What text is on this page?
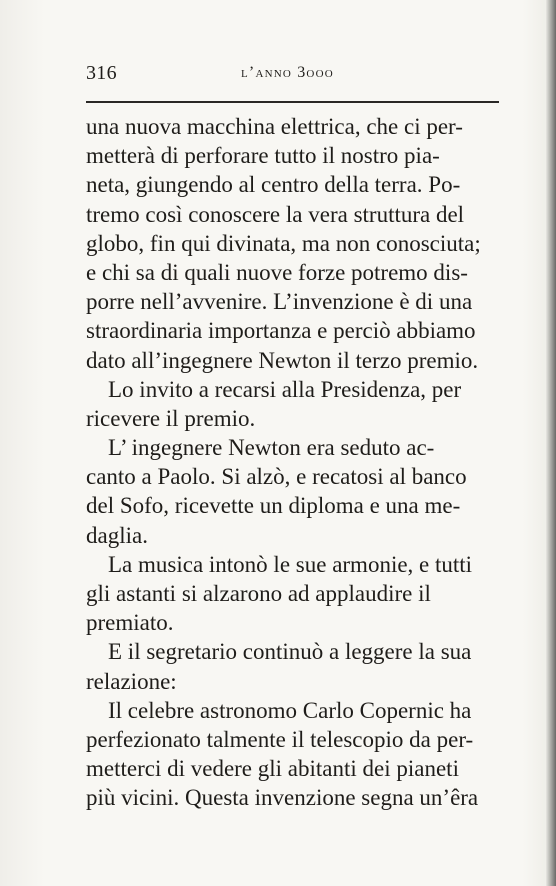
316	l’anno 3ooo
una nuova macchina elettrica, che ci per-
metterà di perforare tutto il nostro pia-
neta, giungendo al centro della terra. Po-
tremo così conoscere la vera struttura del
globo, fin qui divinata, ma non conosciuta;
e chi sa di quali nuove forze potremo dis-
porre nell’avvenire. L’invenzione è di una
straordinaria importanza e perciò abbiamo
dato all’ingegnere Newton il terzo premio.
Lo invito a recarsi alla Presidenza, per
ricevere il premio.
L’ ingegnere Newton era seduto ac-
canto a Paolo. Si alzò, e recatosi al banco
del Sofo, ricevette un diploma e una me-
daglia.
La musica intonò le sue armonie, e tutti
gli astanti si alzarono ad applaudire il
premiato.
E il segretario continuò a leggere la sua
relazione:
Il celebre astronomo Carlo Copernic ha
perfezionato talmente il telescopio da per-
metterci di vedere gli abitanti dei pianeti
più vicini. Questa invenzione segna un’êra
